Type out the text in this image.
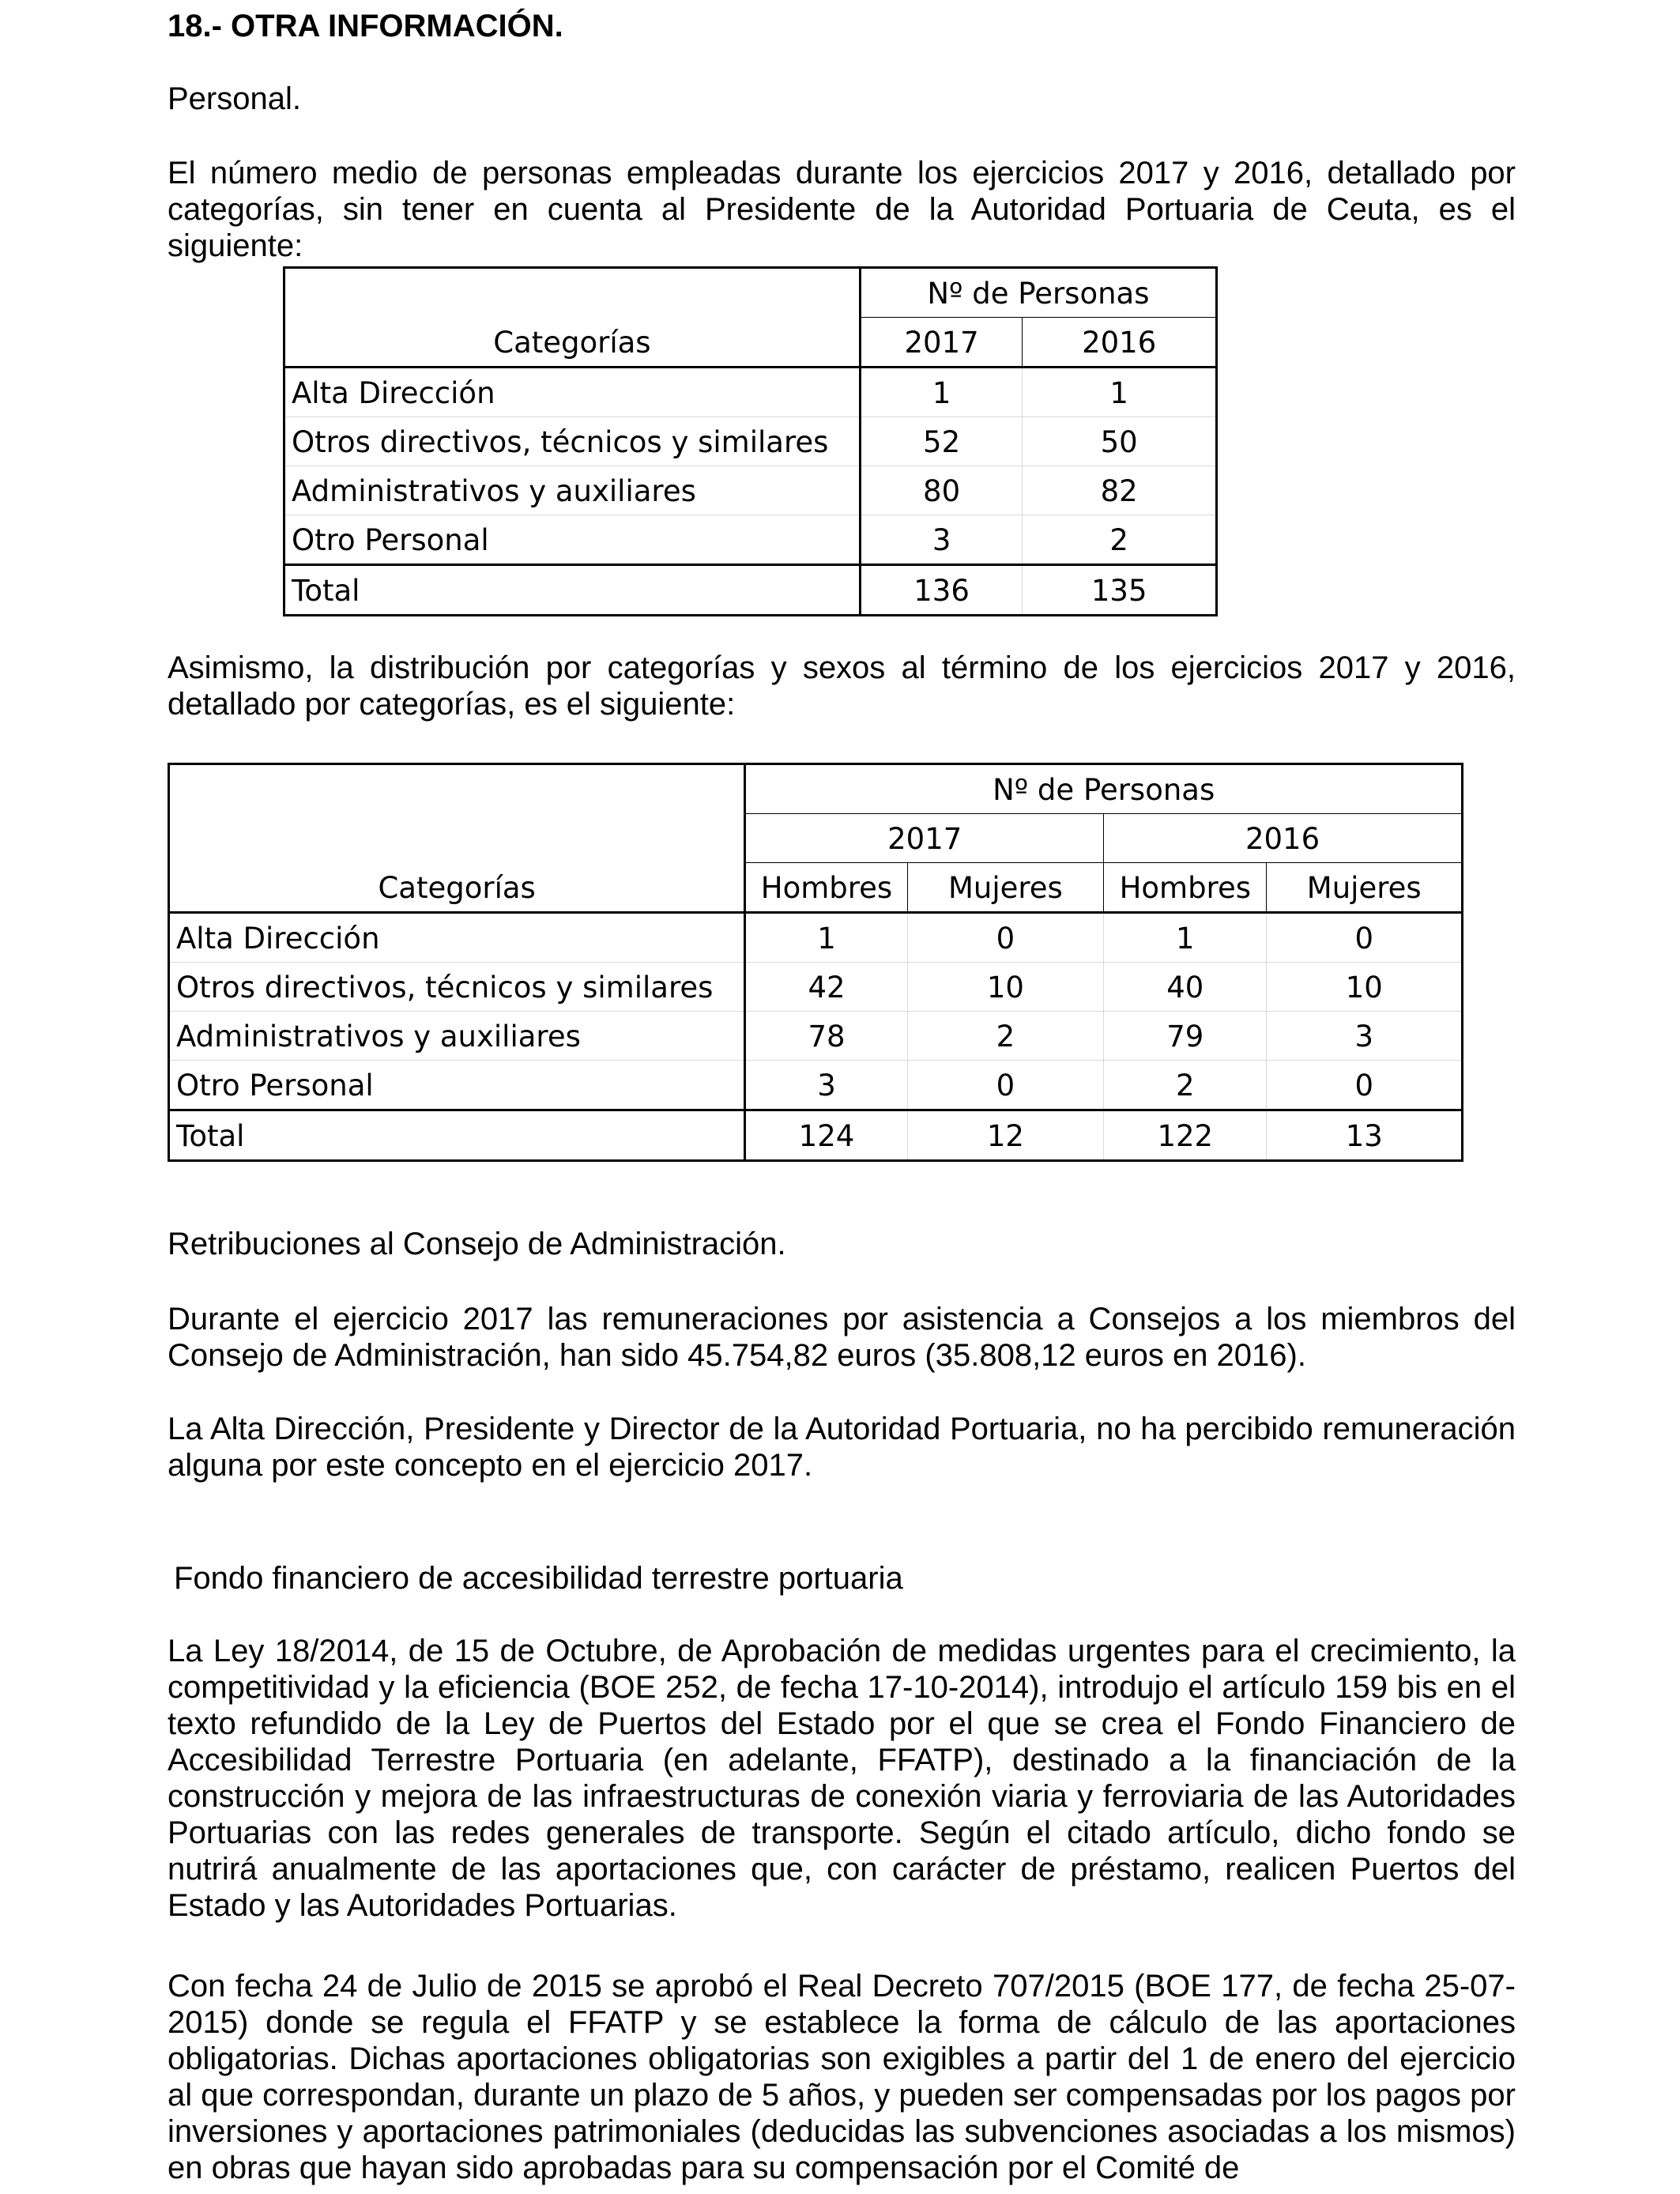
18.- OTRA INFORMACIÓN.

Personal.

El número medio de personas empleadas durante los ejercicios 2017 y 2016, detallado por categorías, sin tener en cuenta al Presidente de la Autoridad Portuaria de Ceuta, es el siguiente:

	Nº de Personas	
Categorías	2017	2016
Alta Dirección	1	1
Otros directivos, técnicos y similares	52	50
Administrativos y auxiliares	80	82
Otro Personal	3	2
Total	136	135

Asimismo, la distribución por categorías y sexos al término de los ejercicios 2017 y 2016, detallado por categorías, es el siguiente:

	Nº de Personas			
	2017		2016	
Categorías	Hombres	Mujeres	Hombres	Mujeres
Alta Dirección	1	0	1	0
Otros directivos, técnicos y similares	42	10	40	10
Administrativos y auxiliares	78	2	79	3
Otro Personal	3	0	2	0
Total	124	12	122	13

Retribuciones al Consejo de Administración.

Durante el ejercicio 2017 las remuneraciones por asistencia a Consejos a los miembros del Consejo de Administración, han sido 45.754,82 euros (35.808,12 euros en 2016).

La Alta Dirección, Presidente y Director de la Autoridad Portuaria, no ha percibido remuneración alguna por este concepto en el ejercicio 2017.

Fondo financiero de accesibilidad terrestre portuaria

La Ley 18/2014, de 15 de Octubre, de Aprobación de medidas urgentes para el crecimiento, la competitividad y la eficiencia (BOE 252, de fecha 17-10-2014), introdujo el artículo 159 bis en el texto refundido de la Ley de Puertos del Estado por el que se crea el Fondo Financiero de Accesibilidad Terrestre Portuaria (en adelante, FFATP), destinado a la financiación de la construcción y mejora de las infraestructuras de conexión viaria y ferroviaria de las Autoridades Portuarias con las redes generales de transporte. Según el citado artículo, dicho fondo se nutrirá anualmente de las aportaciones que, con carácter de préstamo, realicen Puertos del Estado y las Autoridades Portuarias.

Con fecha 24 de Julio de 2015 se aprobó el Real Decreto 707/2015 (BOE 177, de fecha 25-07-2015) donde se regula el FFATP y se establece la forma de cálculo de las aportaciones obligatorias. Dichas aportaciones obligatorias son exigibles a partir del 1 de enero del ejercicio al que correspondan, durante un plazo de 5 años, y pueden ser compensadas por los pagos por inversiones y aportaciones patrimoniales (deducidas las subvenciones asociadas a los mismos) en obras que hayan sido aprobadas para su compensación por el Comité de
